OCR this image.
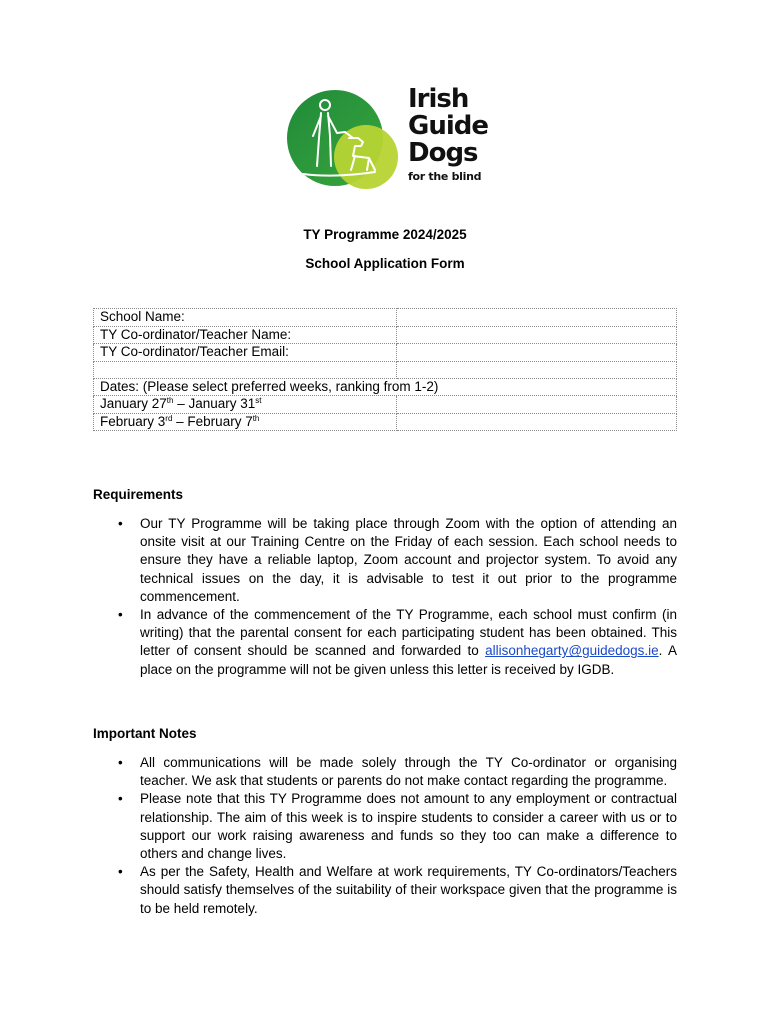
Irish
Guide
Dogs
for the blind
TY Programme 2024/2025
School Application Form
School Name:	
TY Co-ordinator/Teacher Name:	
TY Co-ordinator/Teacher Email:	

Dates: (Please select preferred weeks, ranking from 1-2)	
January 27th – January 31st	
February 3rd – February 7th	
Requirements
• Our TY Programme will be taking place through Zoom with the option of attending an onsite visit at our Training Centre on the Friday of each session. Each school needs to ensure they have a reliable laptop, Zoom account and projector system. To avoid any technical issues on the day, it is advisable to test it out prior to the programme commencement.
• In advance of the commencement of the TY Programme, each school must confirm (in writing) that the parental consent for each participating student has been obtained. This letter of consent should be scanned and forwarded to allisonhegarty@guidedogs.ie. A place on the programme will not be given unless this letter is received by IGDB.
Important Notes
• All communications will be made solely through the TY Co-ordinator or organising teacher. We ask that students or parents do not make contact regarding the programme.
• Please note that this TY Programme does not amount to any employment or contractual relationship. The aim of this week is to inspire students to consider a career with us or to support our work raising awareness and funds so they too can make a difference to others and change lives.
• As per the Safety, Health and Welfare at work requirements, TY Co-ordinators/Teachers should satisfy themselves of the suitability of their workspace given that the programme is to be held remotely.
